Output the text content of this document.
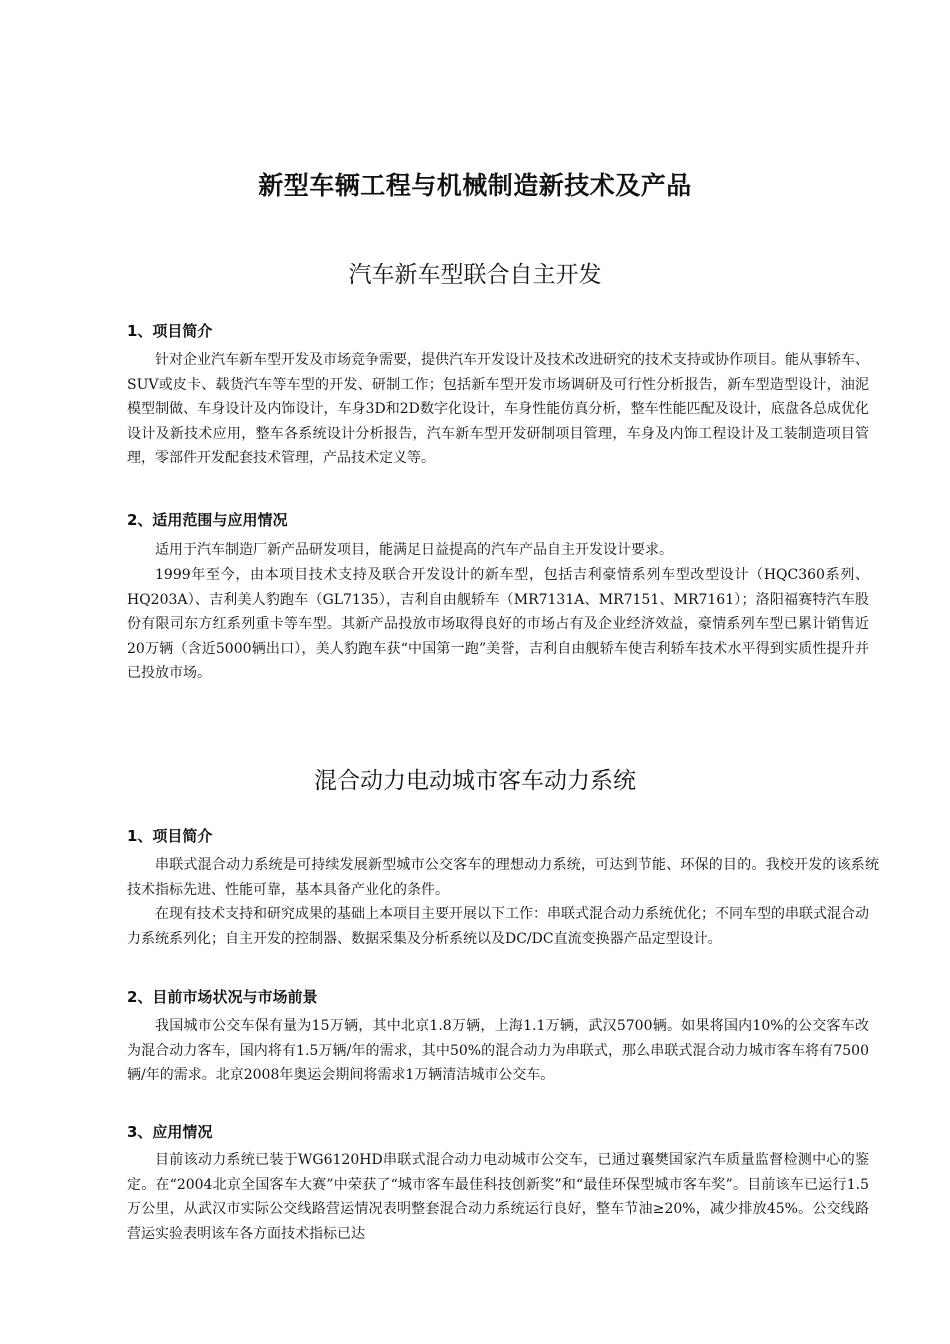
新型车辆工程与机械制造新技术及产品
汽车新车型联合自主开发
1、项目简介

针对企业汽车新车型开发及市场竞争需要，提供汽车开发设计及技术改进研究的技术支持或协作项目。能从事轿车、SUV或皮卡、载货汽车等车型的开发、研制工作；包括新车型开发市场调研及可行性分析报告，新车型造型设计，油泥模型制做、车身设计及内饰设计，车身3D和2D数字化设计，车身性能仿真分析，整车性能匹配及设计，底盘各总成优化设计及新技术应用，整车各系统设计分析报告，汽车新车型开发研制项目管理，车身及内饰工程设计及工装制造项目管理，零部件开发配套技术管理，产品技术定义等。

2、适用范围与应用情况

适用于汽车制造厂新产品研发项目，能满足日益提高的汽车产品自主开发设计要求。

1999年至今，由本项目技术支持及联合开发设计的新车型，包括吉利豪情系列车型改型设计（HQC360系列、HQ203A）、吉利美人豹跑车（GL7135），吉利自由舰轿车（MR7131A、MR7151、MR7161）；洛阳福赛特汽车股份有限司东方红系列重卡等车型。其新产品投放市场取得良好的市场占有及企业经济效益，豪情系列车型已累计销售近20万辆（含近5000辆出口），美人豹跑车获“中国第一跑”美誉，吉利自由舰轿车使吉利轿车技术水平得到实质性提升并已投放市场。

混合动力电动城市客车动力系统
1、项目简介

串联式混合动力系统是可持续发展新型城市公交客车的理想动力系统，可达到节能、环保的目的。我校开发的该系统技术指标先进、性能可靠，基本具备产业化的条件。

在现有技术支持和研究成果的基础上本项目主要开展以下工作：串联式混合动力系统优化；不同车型的串联式混合动力系统系列化；自主开发的控制器、数据采集及分析系统以及DC/DC直流变换器产品定型设计。

2、目前市场状况与市场前景

我国城市公交车保有量为15万辆，其中北京1.8万辆，上海1.1万辆，武汉5700辆。如果将国内10%的公交客车改为混合动力客车，国内将有1.5万辆/年的需求，其中50%的混合动力为串联式，那么串联式混合动力城市客车将有7500辆/年的需求。北京2008年奥运会期间将需求1万辆清洁城市公交车。

3、应用情况

目前该动力系统已装于WG6120HD串联式混合动力电动城市公交车，已通过襄樊国家汽车质量监督检测中心的鉴定。在“2004北京全国客车大赛”中荣获了“城市客车最佳科技创新奖”和“最佳环保型城市客车奖”。目前该车已运行1.5万公里，从武汉市实际公交线路营运情况表明整套混合动力系统运行良好，整车节油≥20%，减少排放45%。公交线路营运实验表明该车各方面技术指标已达
